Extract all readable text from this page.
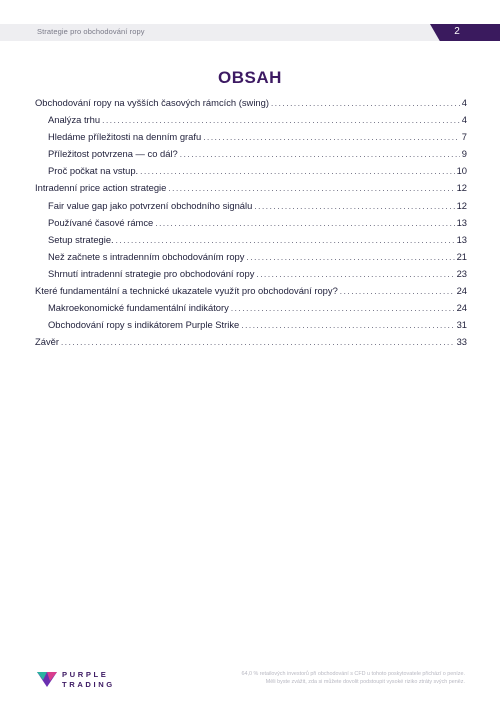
Strategie pro obchodování ropy	2
OBSAH
Obchodování ropy na vyšších časových rámcích (swing) .....	4
Analýza trhu .....	4
Hledáme příležitosti na denním grafu .....	7
Příležitost potvrzena — co dál? .....	9
Proč počkat na vstup. .....	10
Intradenní price action strategie .....	12
Fair value gap jako potvrzení obchodního signálu .....	12
Používané časové rámce .....	13
Setup strategie. .....	13
Než začnete s intradenním obchodováním ropy .....	21
Shrnutí intradenní strategie pro obchodování ropy .....	23
Které fundamentální a technické ukazatele využít pro obchodování ropy? .....	24
Makroekonomické fundamentální indikátory .....	24
Obchodování ropy s indikátorem Purple Strike .....	31
Závěr .....	33
PURPLE
TRADING
64,0 % retailových investorů při obchodování s CFD u tohoto poskytovatele přichází o peníze.
Měli byste zvážit, zda si můžete dovolit podstoupit vysoké riziko ztráty svých peněz.
